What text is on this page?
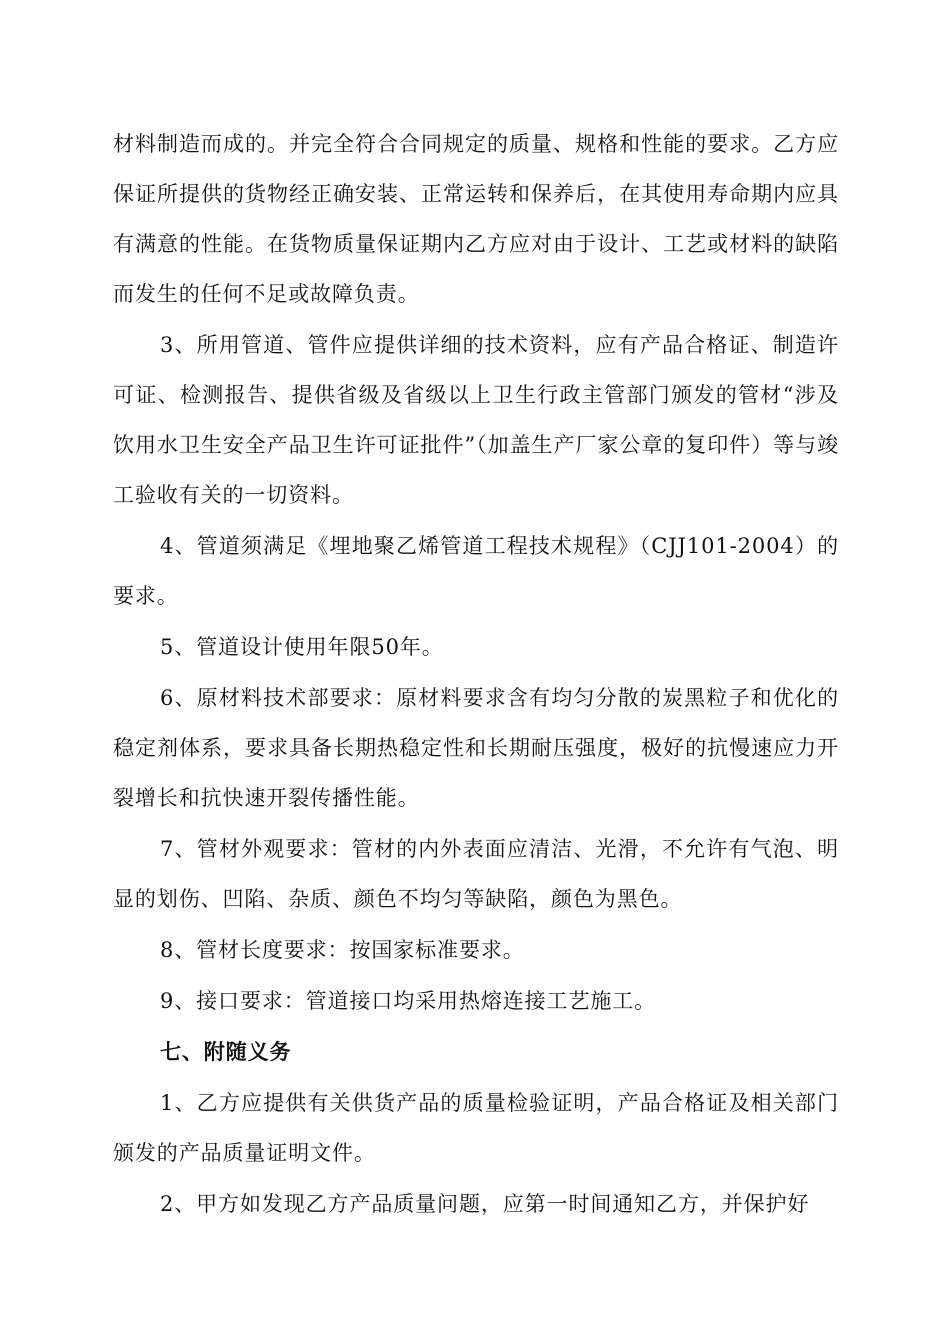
材料制造而成的。并完全符合合同规定的质量、规格和性能的要求。乙方应保证所提供的货物经正确安装、正常运转和保养后，在其使用寿命期内应具有满意的性能。在货物质量保证期内乙方应对由于设计、工艺或材料的缺陷而发生的任何不足或故障负责。

3、所用管道、管件应提供详细的技术资料，应有产品合格证、制造许可证、检测报告、提供省级及省级以上卫生行政主管部门颁发的管材“涉及饮用水卫生安全产品卫生许可证批件”（加盖生产厂家公章的复印件）等与竣工验收有关的一切资料。

4、管道须满足《埋地聚乙烯管道工程技术规程》（CJJ101-2004）的要求。

5、管道设计使用年限50年。

6、原材料技术部要求：原材料要求含有均匀分散的炭黑粒子和优化的稳定剂体系，要求具备长期热稳定性和长期耐压强度，极好的抗慢速应力开裂增长和抗快速开裂传播性能。

7、管材外观要求：管材的内外表面应清洁、光滑，不允许有气泡、明显的划伤、凹陷、杂质、颜色不均匀等缺陷，颜色为黑色。

8、管材长度要求：按国家标准要求。

9、接口要求：管道接口均采用热熔连接工艺施工。

七、附随义务

1、乙方应提供有关供货产品的质量检验证明，产品合格证及相关部门颁发的产品质量证明文件。

2、甲方如发现乙方产品质量问题，应第一时间通知乙方，并保护好
